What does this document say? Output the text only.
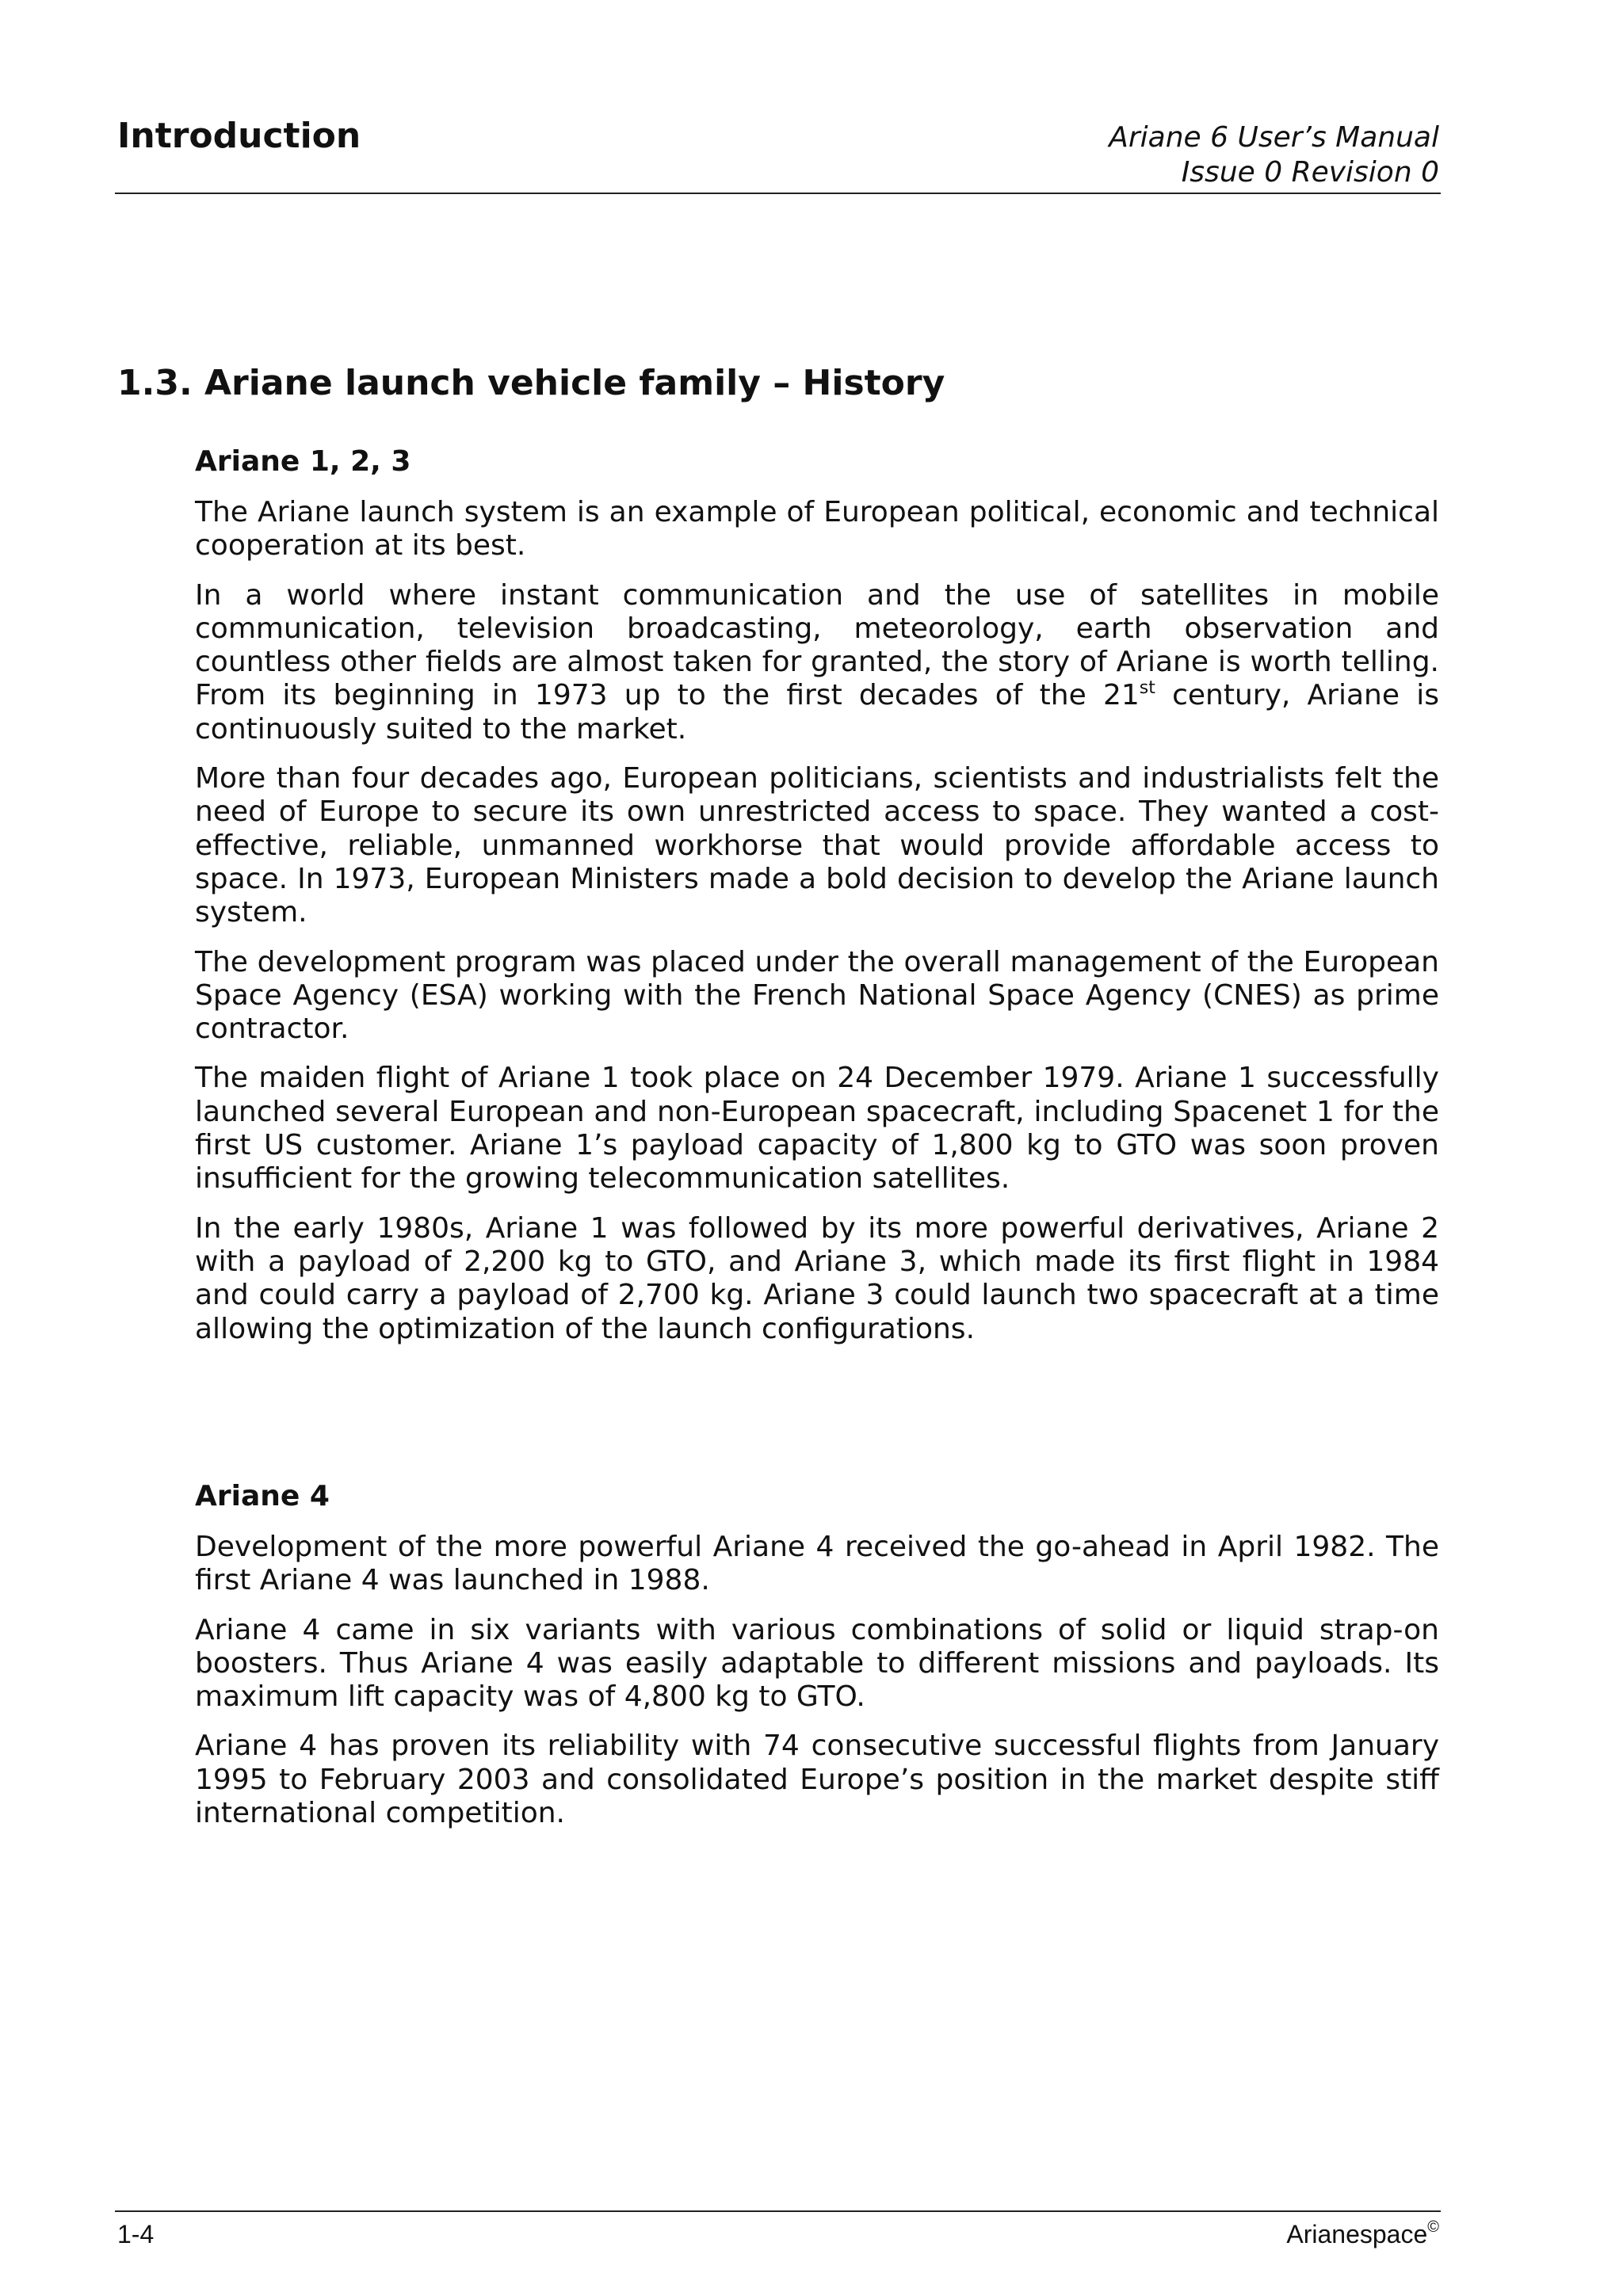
Introduction	Ariane 6 User’s Manual
Issue 0 Revision 0
1.3. Ariane launch vehicle family – History
Ariane 1, 2, 3

The Ariane launch system is an example of European political, economic and technical cooperation at its best.

In a world where instant communication and the use of satellites in mobile communication, television broadcasting, meteorology, earth observation and countless other fields are almost taken for granted, the story of Ariane is worth telling. From its beginning in 1973 up to the first decades of the 21st century, Ariane is continuously suited to the market.

More than four decades ago, European politicians, scientists and industrialists felt the need of Europe to secure its own unrestricted access to space. They wanted a cost-effective, reliable, unmanned workhorse that would provide affordable access to space. In 1973, European Ministers made a bold decision to develop the Ariane launch system.

The development program was placed under the overall management of the European Space Agency (ESA) working with the French National Space Agency (CNES) as prime contractor.

The maiden flight of Ariane 1 took place on 24 December 1979. Ariane 1 successfully launched several European and non-European spacecraft, including Spacenet 1 for the first US customer. Ariane 1’s payload capacity of 1,800 kg to GTO was soon proven insufficient for the growing telecommunication satellites.

In the early 1980s, Ariane 1 was followed by its more powerful derivatives, Ariane 2 with a payload of 2,200 kg to GTO, and Ariane 3, which made its first flight in 1984 and could carry a payload of 2,700 kg. Ariane 3 could launch two spacecraft at a time allowing the optimization of the launch configurations.

Ariane 4

Development of the more powerful Ariane 4 received the go-ahead in April 1982. The first Ariane 4 was launched in 1988.

Ariane 4 came in six variants with various combinations of solid or liquid strap-on boosters. Thus Ariane 4 was easily adaptable to different missions and payloads. Its maximum lift capacity was of 4,800 kg to GTO.

Ariane 4 has proven its reliability with 74 consecutive successful flights from January 1995 to February 2003 and consolidated Europe’s position in the market despite stiff international competition.

1-4	Arianespace©
